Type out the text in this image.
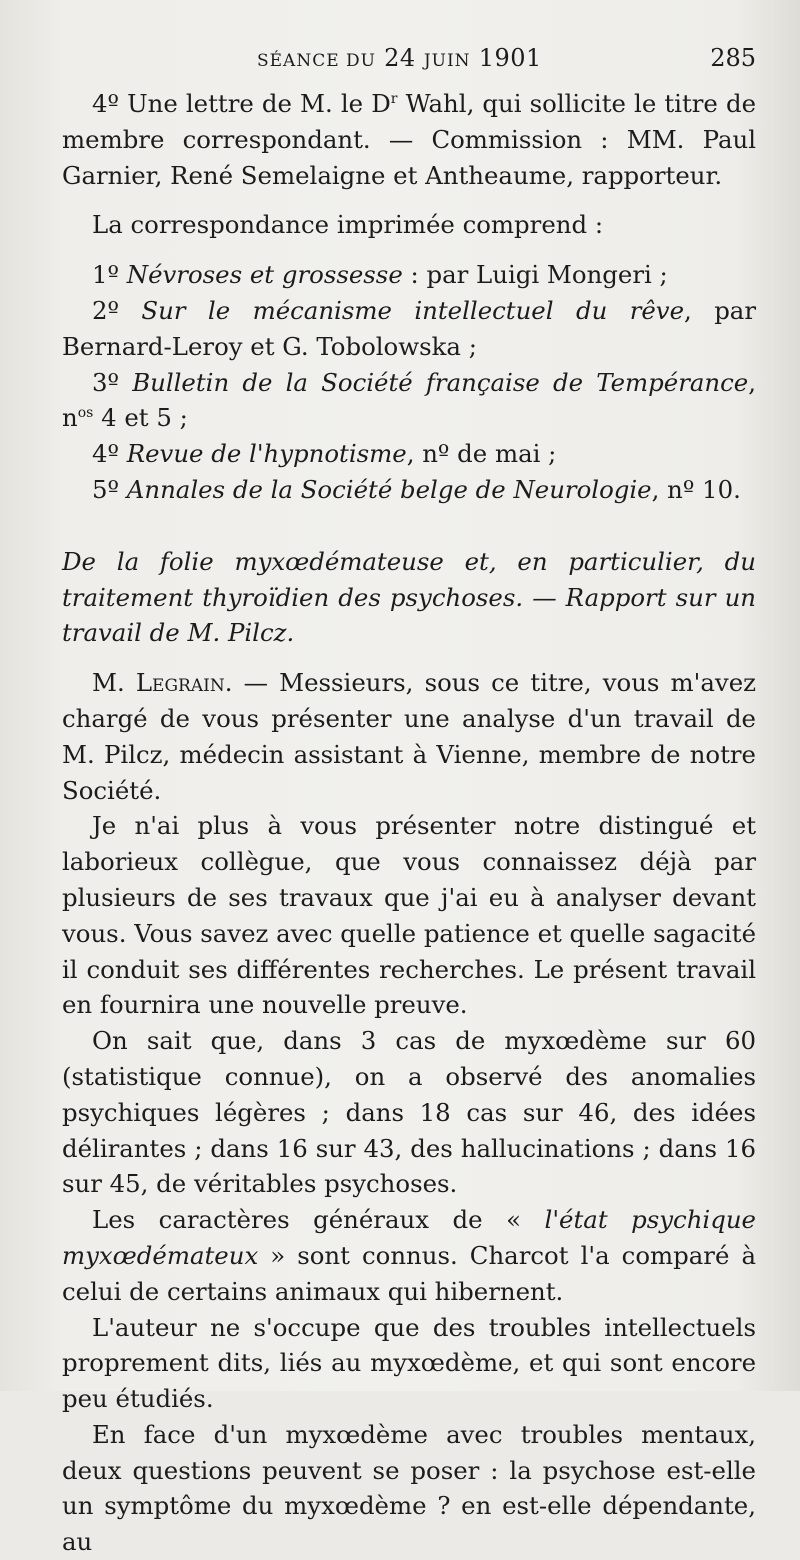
SÉANCE DU 24 JUIN 1901	285

4º Une lettre de M. le $D^r$ Wahl, qui sollicite le titre de membre correspondant. — Commission : MM. Paul Garnier, René Semelaigne et Antheaume, rapporteur.

La correspondance imprimée comprend :

1º Névroses et grossesse : par Luigi Mongeri ;

2º Sur le mécanisme intellectuel du rêve, par Bernard-Leroy et G. Tobolowska ;

3º Bulletin de la Société française de Tempérance, $n^{os}$ 4 et 5 ;

4º Revue de l'hypnotisme, nº de mai ;

5º Annales de la Société belge de Neurologie, nº 10.

De la folie myxœdémateuse et, en particulier, du traitement thyroïdien des psychoses. — Rapport sur un travail de M. Pilcz.

M. Legrain. — Messieurs, sous ce titre, vous m'avez chargé de vous présenter une analyse d'un travail de M. Pilcz, médecin assistant à Vienne, membre de notre Société.

Je n'ai plus à vous présenter notre distingué et laborieux collègue, que vous connaissez déjà par plusieurs de ses travaux que j'ai eu à analyser devant vous. Vous savez avec quelle patience et quelle sagacité il conduit ses différentes recherches. Le présent travail en fournira une nouvelle preuve.

On sait que, dans 3 cas de myxœdème sur 60 (statistique connue), on a observé des anomalies psychiques légères ; dans 18 cas sur 46, des idées délirantes ; dans 16 sur 43, des hallucinations ; dans 16 sur 45, de véritables psychoses.

Les caractères généraux de « l'état psychique myxœdémateux » sont connus. Charcot l'a comparé à celui de certains animaux qui hibernent.

L'auteur ne s'occupe que des troubles intellectuels proprement dits, liés au myxœdème, et qui sont encore peu étudiés.

En face d'un myxœdème avec troubles mentaux, deux questions peuvent se poser : la psychose est-elle un symptôme du myxœdème ? en est-elle dépendante, au
